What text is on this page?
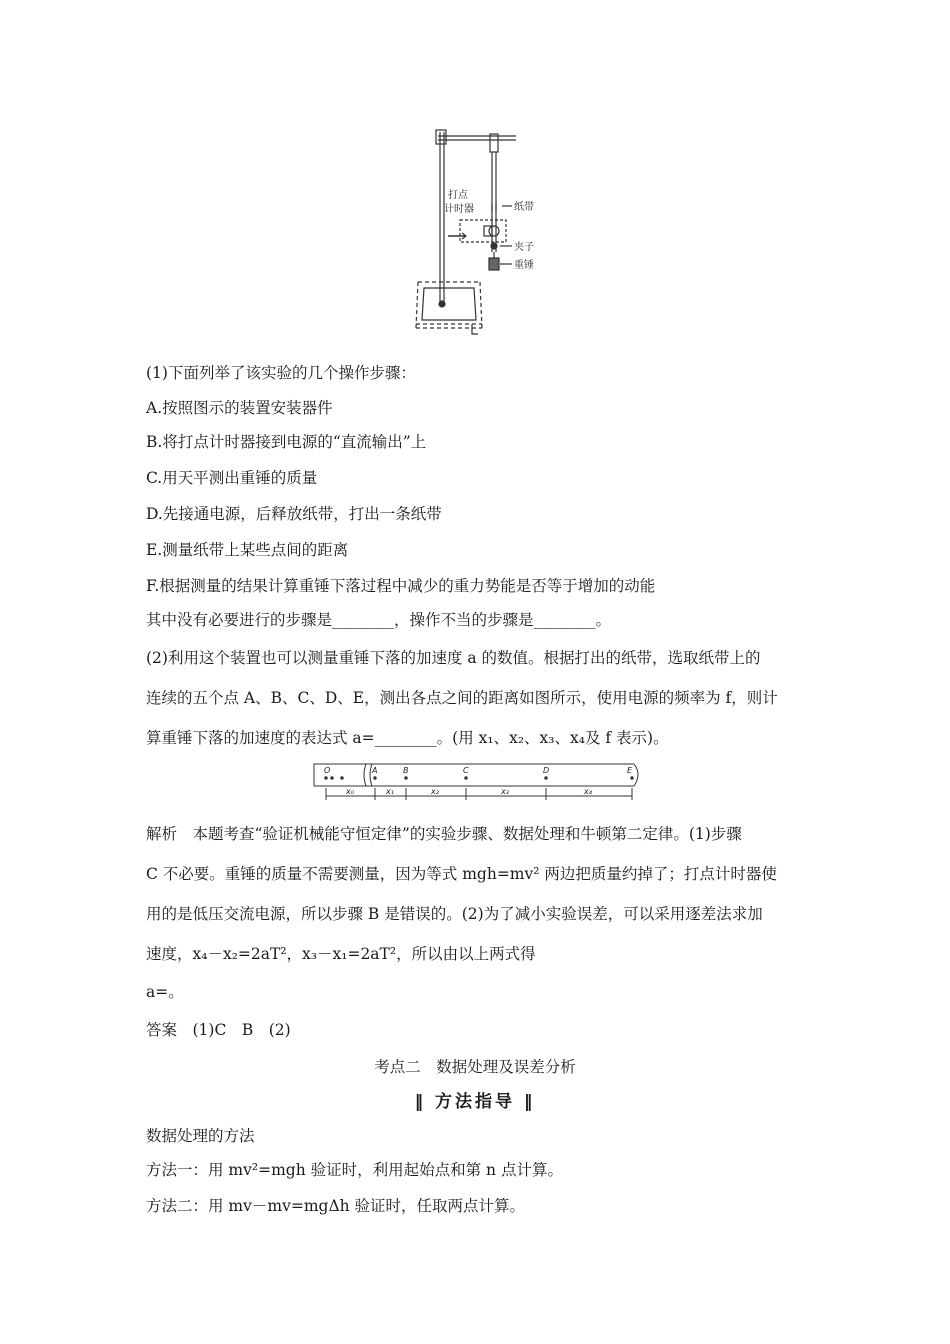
打点
计时器	纸带
夹子
重锤
(1)下面列举了该实验的几个操作步骤：
A.按照图示的装置安装器件
B.将打点计时器接到电源的“直流输出”上
C.用天平测出重锤的质量
D.先接通电源，后释放纸带，打出一条纸带
E.测量纸带上某些点间的距离
F.根据测量的结果计算重锤下落过程中减少的重力势能是否等于增加的动能
其中没有必要进行的步骤是________，操作不当的步骤是________。
(2)利用这个装置也可以测量重锤下落的加速度 a 的数值。根据打出的纸带，选取纸带上的
连续的五个点 A、B、C、D、E，测出各点之间的距离如图所示，使用电源的频率为 f，则计
算重锤下落的加速度的表达式 a=________。(用 x₁、x₂、x₃、x₄及 f 表示)。
O	A	B	C	D	E
x₀	x₁	x₂	x₃	x₄
解析　本题考查“验证机械能守恒定律”的实验步骤、数据处理和牛顿第二定律。(1)步骤
C 不必要。重锤的质量不需要测量，因为等式 mgh=mv² 两边把质量约掉了；打点计时器使
用的是低压交流电源，所以步骤 B 是错误的。(2)为了减小实验误差，可以采用逐差法求加
速度，x₄－x₂=2aT²，x₃－x₁=2aT²，所以由以上两式得
a=。
答案　(1)C　B　(2)
考点二　数据处理及误差分析
‖ 方法指导 ‖
数据处理的方法
方法一：用 mv²=mgh 验证时，利用起始点和第 n 点计算。
方法二：用 mv－mv=mgΔh 验证时，任取两点计算。
